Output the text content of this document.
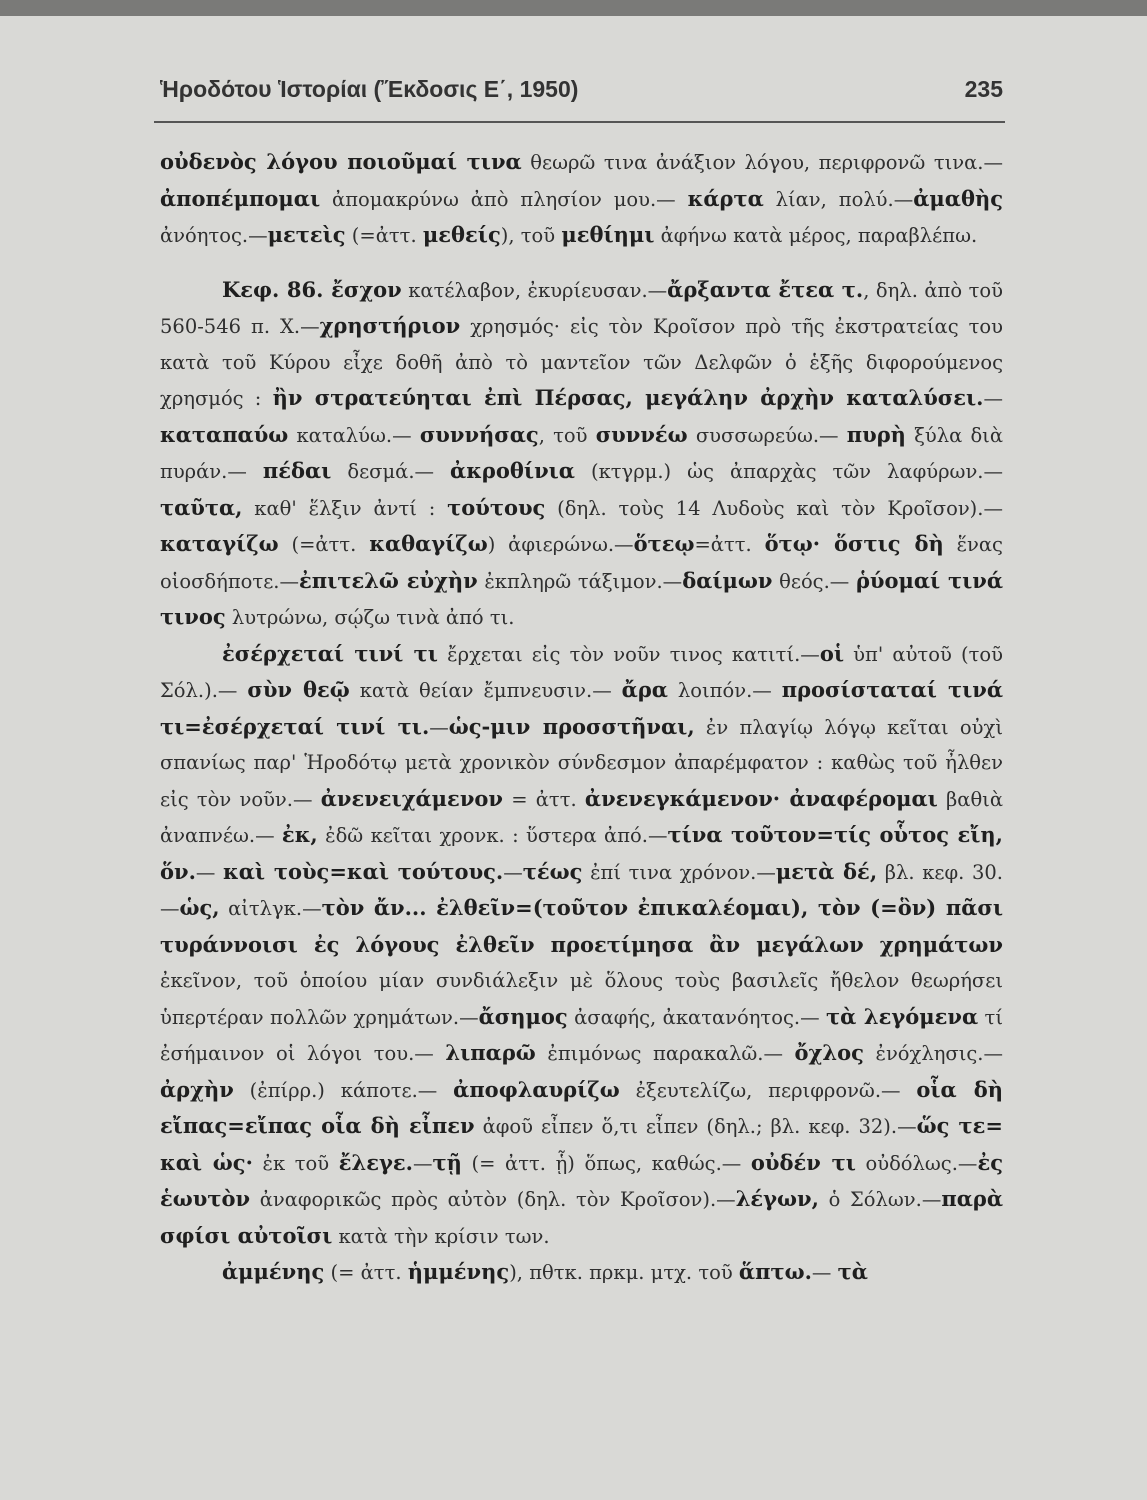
Ἡροδότου Ἱστορίαι (Ἔκδοσις Ε΄, 1950)	235

οὐδενὸς λόγου ποιοῦμαί τινα θεωρῶ τινα ἀνάξιον λόγου, περιφρονῶ τινα.— ἀποπέμπομαι ἀπομακρύνω ἀπὸ πλησίον μου.— κάρτα λίαν, πολύ.—ἀμαθὴς ἀνόητος.—μετεὶς (=ἀττ. μεθείς), τοῦ μεθίημι ἀφήνω κατὰ μέρος, παραβλέπω.

Κεφ. 86. ἔσχον κατέλαβον, ἐκυρίευσαν.—ἄρξαντα ἔτεα τ., δηλ. ἀπὸ τοῦ 560-546 π. Χ.—χρηστήριον χρησμός· εἰς τὸν Κροῖσον πρὸ τῆς ἐκστρατείας του κατὰ τοῦ Κύρου εἶχε δοθῆ ἀπὸ τὸ μαντεῖον τῶν Δελφῶν ὁ ἑξῆς διφορούμενος χρησμός : ἢν στρατεύηται ἐπὶ Πέρσας, μεγάλην ἀρχὴν καταλύσει.— καταπαύω καταλύω.— συννήσας, τοῦ συννέω συσσωρεύω.— πυρὴ ξύλα διὰ πυράν.— πέδαι δεσμά.— ἀκροθίνια (κτγρμ.) ὡς ἀπαρχὰς τῶν λαφύρων.— ταῦτα, καθ' ἕλξιν ἀντί : τούτους (δηλ. τοὺς 14 Λυδοὺς καὶ τὸν Κροῖσον).— καταγίζω (=ἀττ. καθαγίζω) ἀφιερώνω.—ὅτεῳ=ἀττ. ὅτῳ· ὅστις δὴ ἕνας οἱοσδήποτε.—ἐπιτελῶ εὐχὴν ἐκπληρῶ τάξιμον.—δαίμων θεός.— ῥύομαί τινά τινος λυτρώνω, σῴζω τινὰ ἀπό τι.

ἐσέρχεταί τινί τι ἔρχεται εἰς τὸν νοῦν τινος κατιτί.—οἱ ὑπ' αὐτοῦ (τοῦ Σόλ.).— σὺν θεῷ κατὰ θείαν ἔμπνευσιν.— ἄρα λοιπόν.— προσίσταταί τινά τι=ἐσέρχεταί τινί τι.—ὡς-μιν προσστῆναι, ἐν πλαγίῳ λόγῳ κεῖται οὐχὶ σπανίως παρ' Ἡροδότῳ μετὰ χρονικὸν σύνδεσμον ἀπαρέμφατον : καθὼς τοῦ ἦλθεν εἰς τὸν νοῦν.— ἀνενειχάμενον = ἀττ. ἀνενεγκάμενον· ἀναφέρομαι βαθιὰ ἀναπνέω.— ἐκ, ἐδῶ κεῖται χρονκ. : ὕστερα ἀπό.—τίνα τοῦτον=τίς οὗτος εἴη, ὅν.— καὶ τοὺς=καὶ τούτους.—τέως ἐπί τινα χρόνον.—μετὰ δέ, βλ. κεφ. 30.—ὡς, αἰτλγκ.—τὸν ἄν... ἐλθεῖν=(τοῦτον ἐπικαλέομαι), τὸν (=ὃν) πᾶσι τυράννοισι ἐς λόγους ἐλθεῖν προετίμησα ἂν μεγάλων χρημάτων ἐκεῖνον, τοῦ ὁποίου μίαν συνδιάλεξιν μὲ ὅλους τοὺς βασιλεῖς ἤθελον θεωρήσει ὑπερτέραν πολλῶν χρημάτων.—ἄσημος ἀσαφής, ἀκατανόητος.— τὰ λεγόμενα τί ἐσήμαινον οἱ λόγοι του.— λιπαρῶ ἐπιμόνως παρακαλῶ.— ὄχλος ἐνόχλησις.— ἀρχὴν (ἐπίρρ.) κάποτε.— ἀποφλαυρίζω ἐξευτελίζω, περιφρονῶ.— οἷα δὴ εἴπας=εἴπας οἷα δὴ εἶπεν ἀφοῦ εἶπεν ὅ,τι εἶπεν (δηλ.; βλ. κεφ. 32).—ὥς τε= καὶ ὡς· ἐκ τοῦ ἔλεγε.—τῇ (= ἀττ. ᾗ) ὅπως, καθώς.— οὐδέν τι οὐδόλως.—ἐς ἑωυτὸν ἀναφορικῶς πρὸς αὐτὸν (δηλ. τὸν Κροῖσον).—λέγων, ὁ Σόλων.—παρὰ σφίσι αὐτοῖσι κατὰ τὴν κρίσιν των.

ἀμμένης (= ἀττ. ἡμμένης), πθτκ. πρκμ. μτχ. τοῦ ἅπτω.— τὰ
